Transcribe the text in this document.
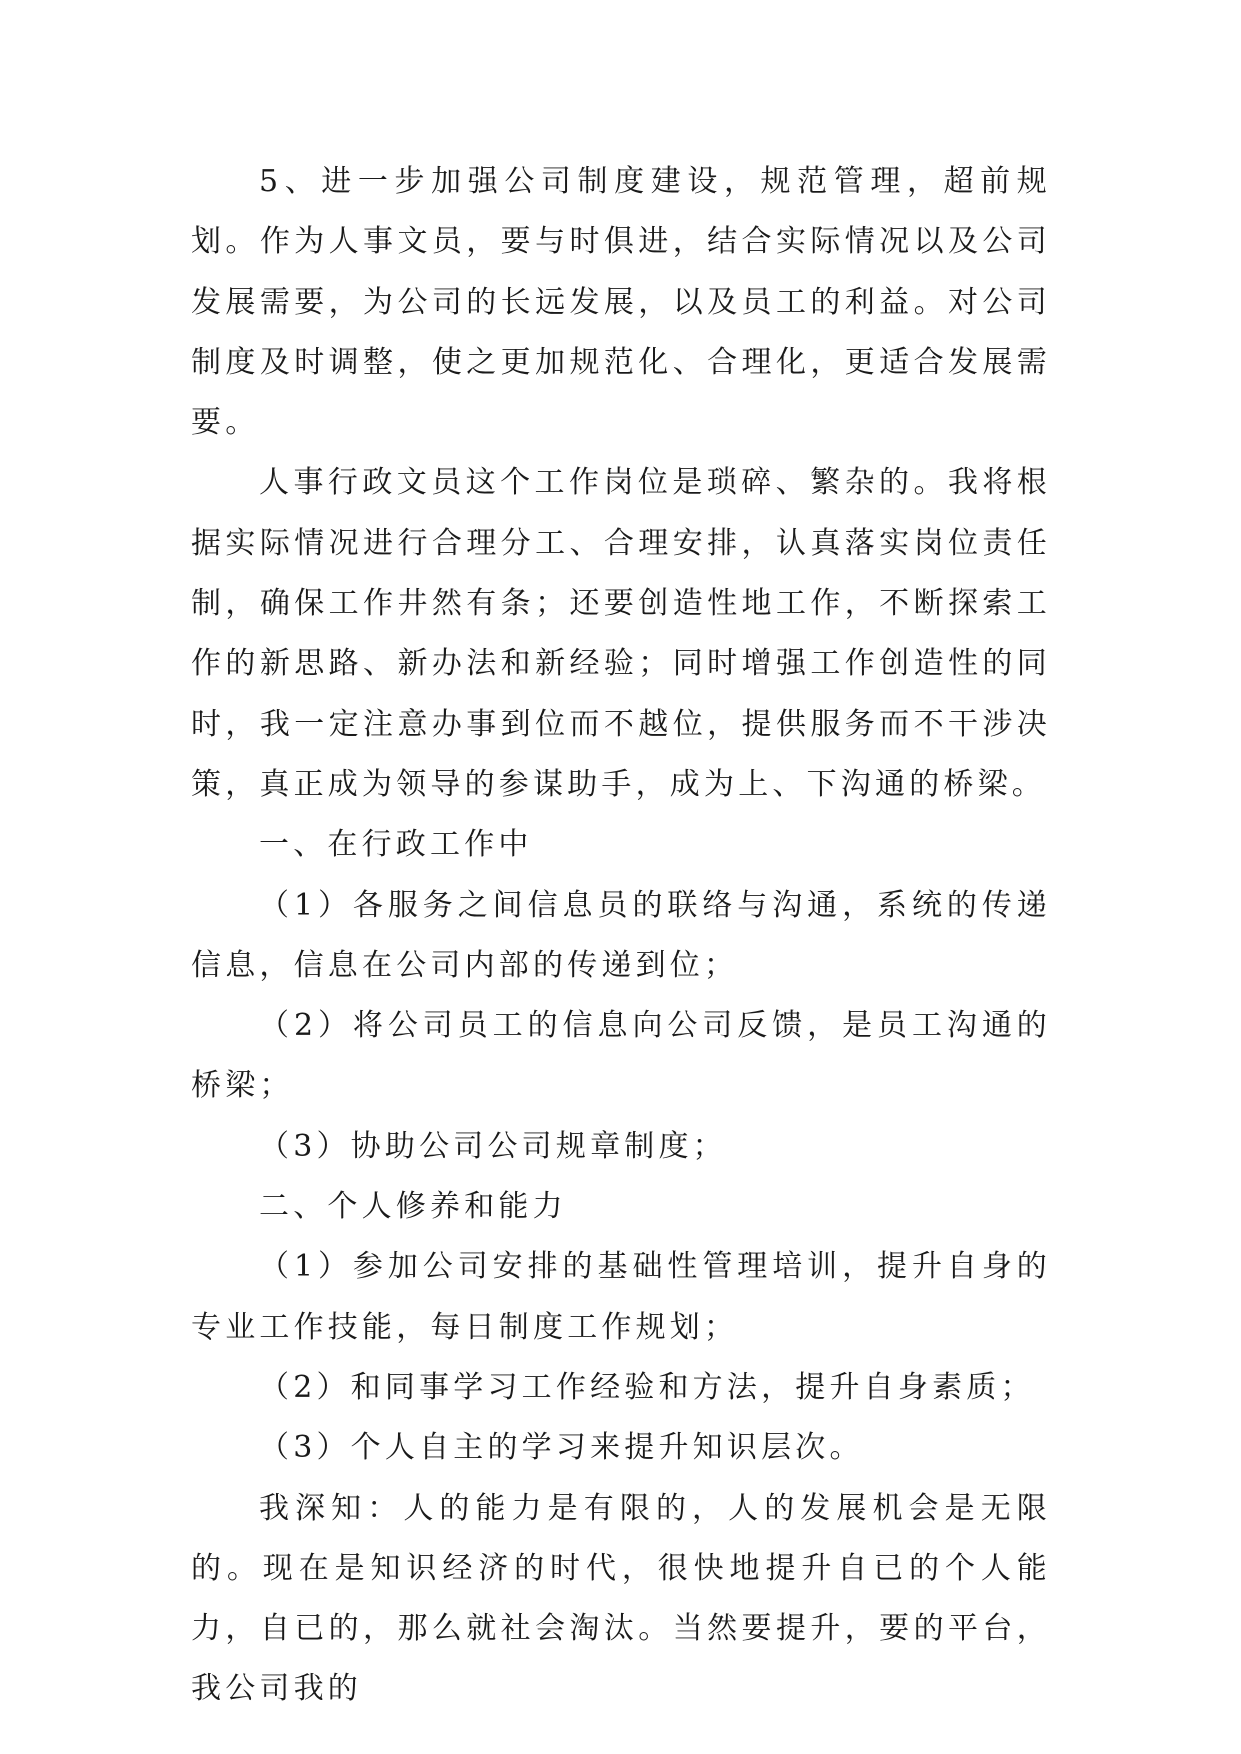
5、进一步加强公司制度建设，规范管理，超前规划。作为人事文员，要与时俱进，结合实际情况以及公司发展需要，为公司的长远发展，以及员工的利益。对公司制度及时调整，使之更加规范化、合理化，更适合发展需要。

人事行政文员这个工作岗位是琐碎、繁杂的。我将根据实际情况进行合理分工、合理安排，认真落实岗位责任制，确保工作井然有条；还要创造性地工作，不断探索工作的新思路、新办法和新经验；同时增强工作创造性的同时，我一定注意办事到位而不越位，提供服务而不干涉决策，真正成为领导的参谋助手，成为上、下沟通的桥梁。

一、在行政工作中

（1）各服务之间信息员的联络与沟通，系统的传递信息，信息在公司内部的传递到位；

（2）将公司员工的信息向公司反馈，是员工沟通的桥梁；

（3）协助公司公司规章制度；

二、个人修养和能力

（1）参加公司安排的基础性管理培训，提升自身的专业工作技能，每日制度工作规划；

（2）和同事学习工作经验和方法，提升自身素质；

（3）个人自主的学习来提升知识层次。

我深知：人的能力是有限的，人的发展机会是无限的。现在是知识经济的时代，很快地提升自已的个人能力，自已的，那么就社会淘汰。当然要提升，要的平台，我公司我的
